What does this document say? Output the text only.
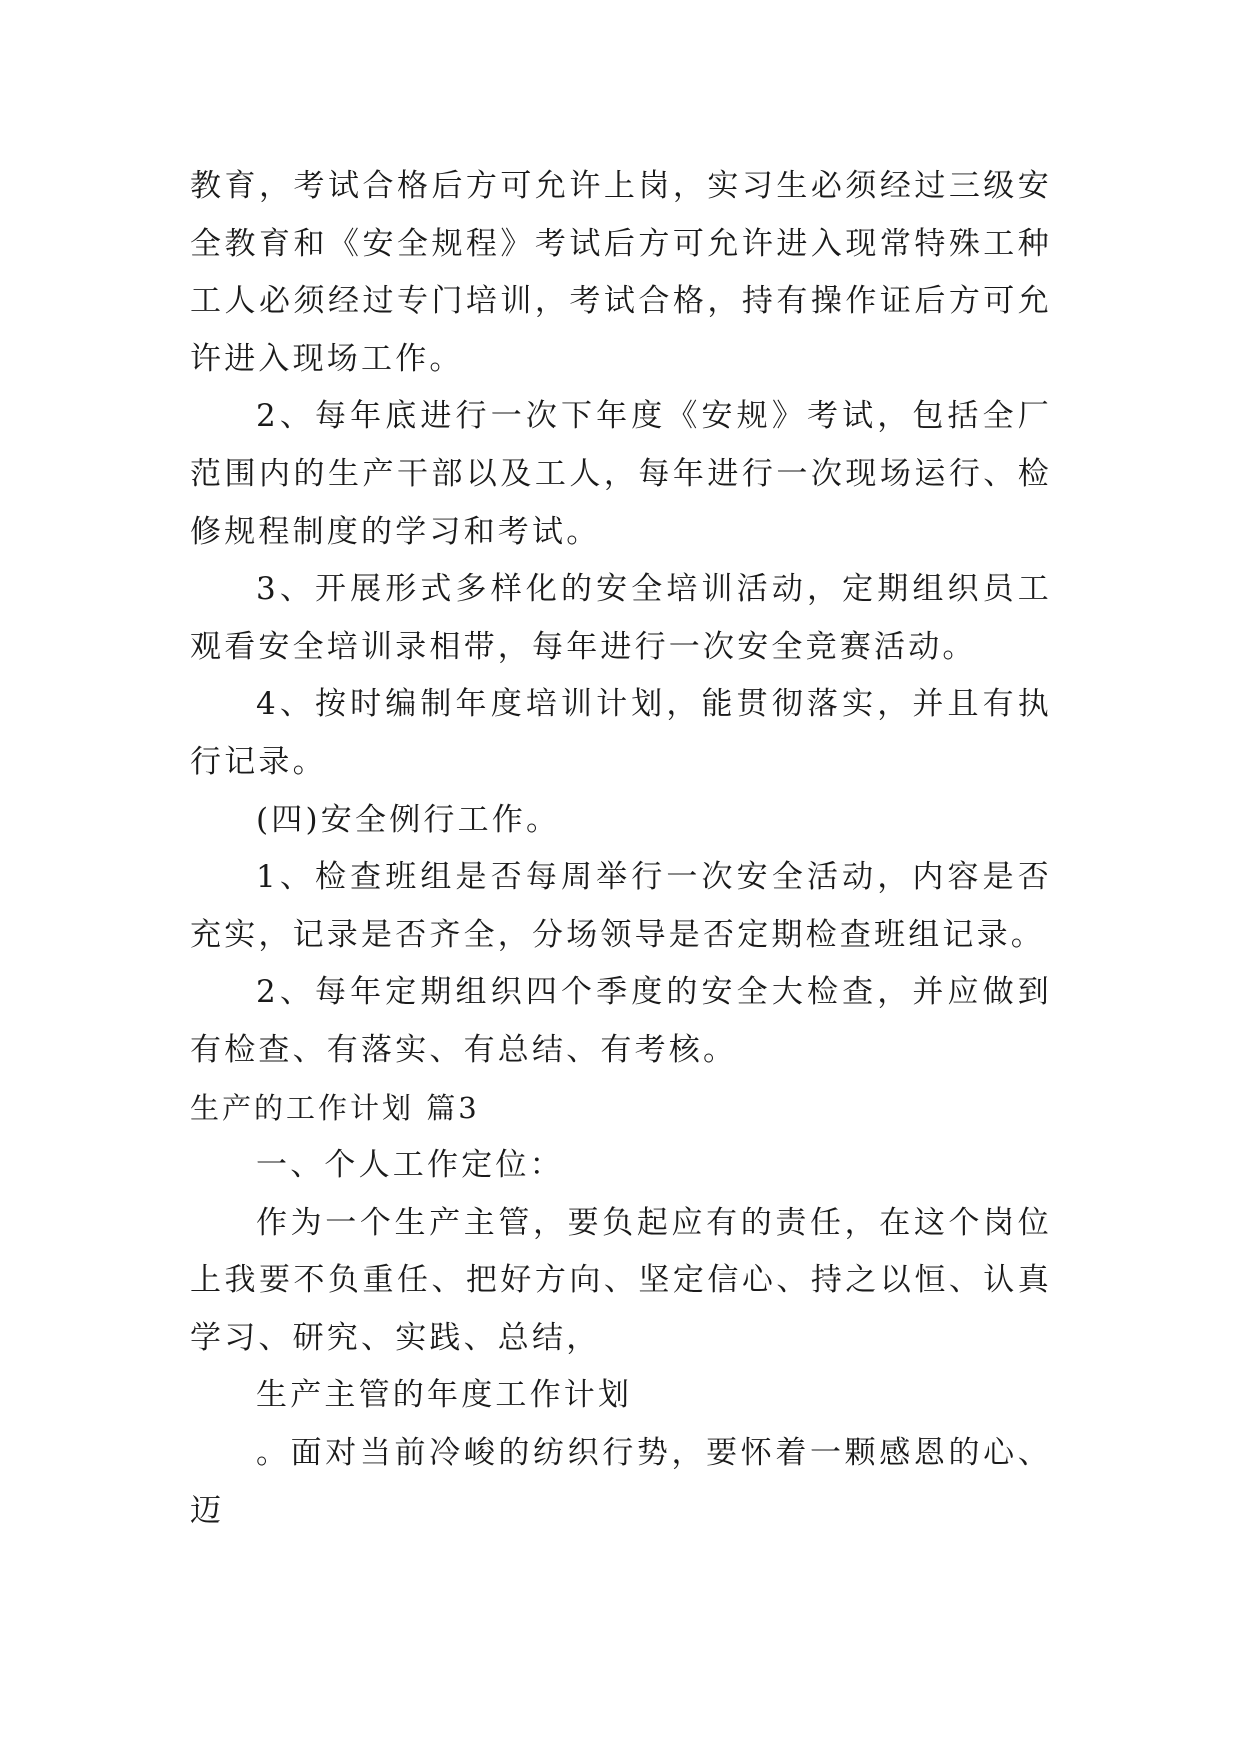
教育，考试合格后方可允许上岗，实习生必须经过三级安全教育和《安全规程》考试后方可允许进入现常特殊工种工人必须经过专门培训，考试合格，持有操作证后方可允许进入现场工作。

2、每年底进行一次下年度《安规》考试，包括全厂范围内的生产干部以及工人，每年进行一次现场运行、检修规程制度的学习和考试。

3、开展形式多样化的安全培训活动，定期组织员工观看安全培训录相带，每年进行一次安全竞赛活动。

4、按时编制年度培训计划，能贯彻落实，并且有执行记录。

(四)安全例行工作。

1、检查班组是否每周举行一次安全活动，内容是否充实，记录是否齐全，分场领导是否定期检查班组记录。

2、每年定期组织四个季度的安全大检查，并应做到有检查、有落实、有总结、有考核。

生产的工作计划 篇3

一、个人工作定位：

作为一个生产主管，要负起应有的责任，在这个岗位上我要不负重任、把好方向、坚定信心、持之以恒、认真学习、研究、实践、总结，

生产主管的年度工作计划

。面对当前冷峻的纺织行势，要怀着一颗感恩的心、迈
